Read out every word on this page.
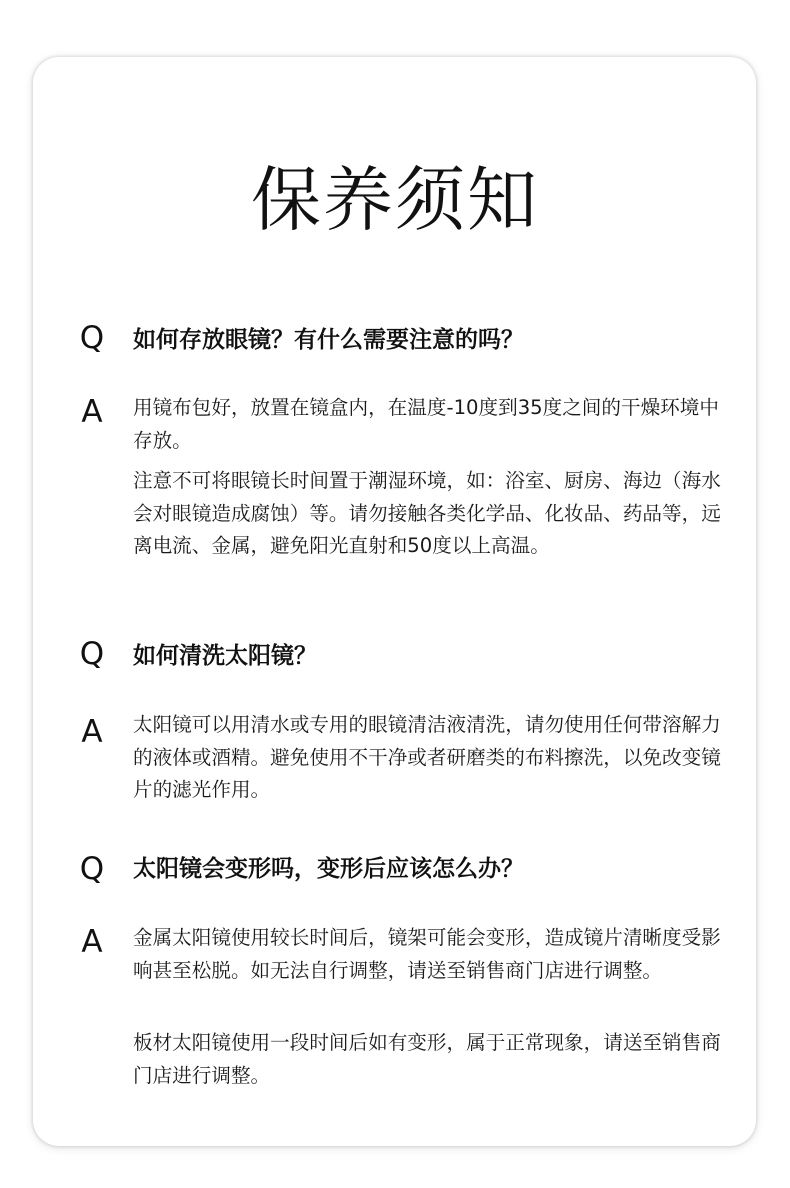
保养须知
Q 如何存放眼镜？有什么需要注意的吗？
A 用镜布包好，放置在镜盒内，在温度-10度到35度之间的干燥环境中存放。
注意不可将眼镜长时间置于潮湿环境，如：浴室、厨房、海边（海水会对眼镜造成腐蚀）等。请勿接触各类化学品、化妆品、药品等，远离电流、金属，避免阳光直射和50度以上高温。
Q 如何清洗太阳镜？
A 太阳镜可以用清水或专用的眼镜清洁液清洗，请勿使用任何带溶解力的液体或酒精。避免使用不干净或者研磨类的布料擦洗，以免改变镜片的滤光作用。
Q 太阳镜会变形吗，变形后应该怎么办？
A 金属太阳镜使用较长时间后，镜架可能会变形，造成镜片清晰度受影响甚至松脱。如无法自行调整，请送至销售商门店进行调整。
板材太阳镜使用一段时间后如有变形，属于正常现象，请送至销售商门店进行调整。
